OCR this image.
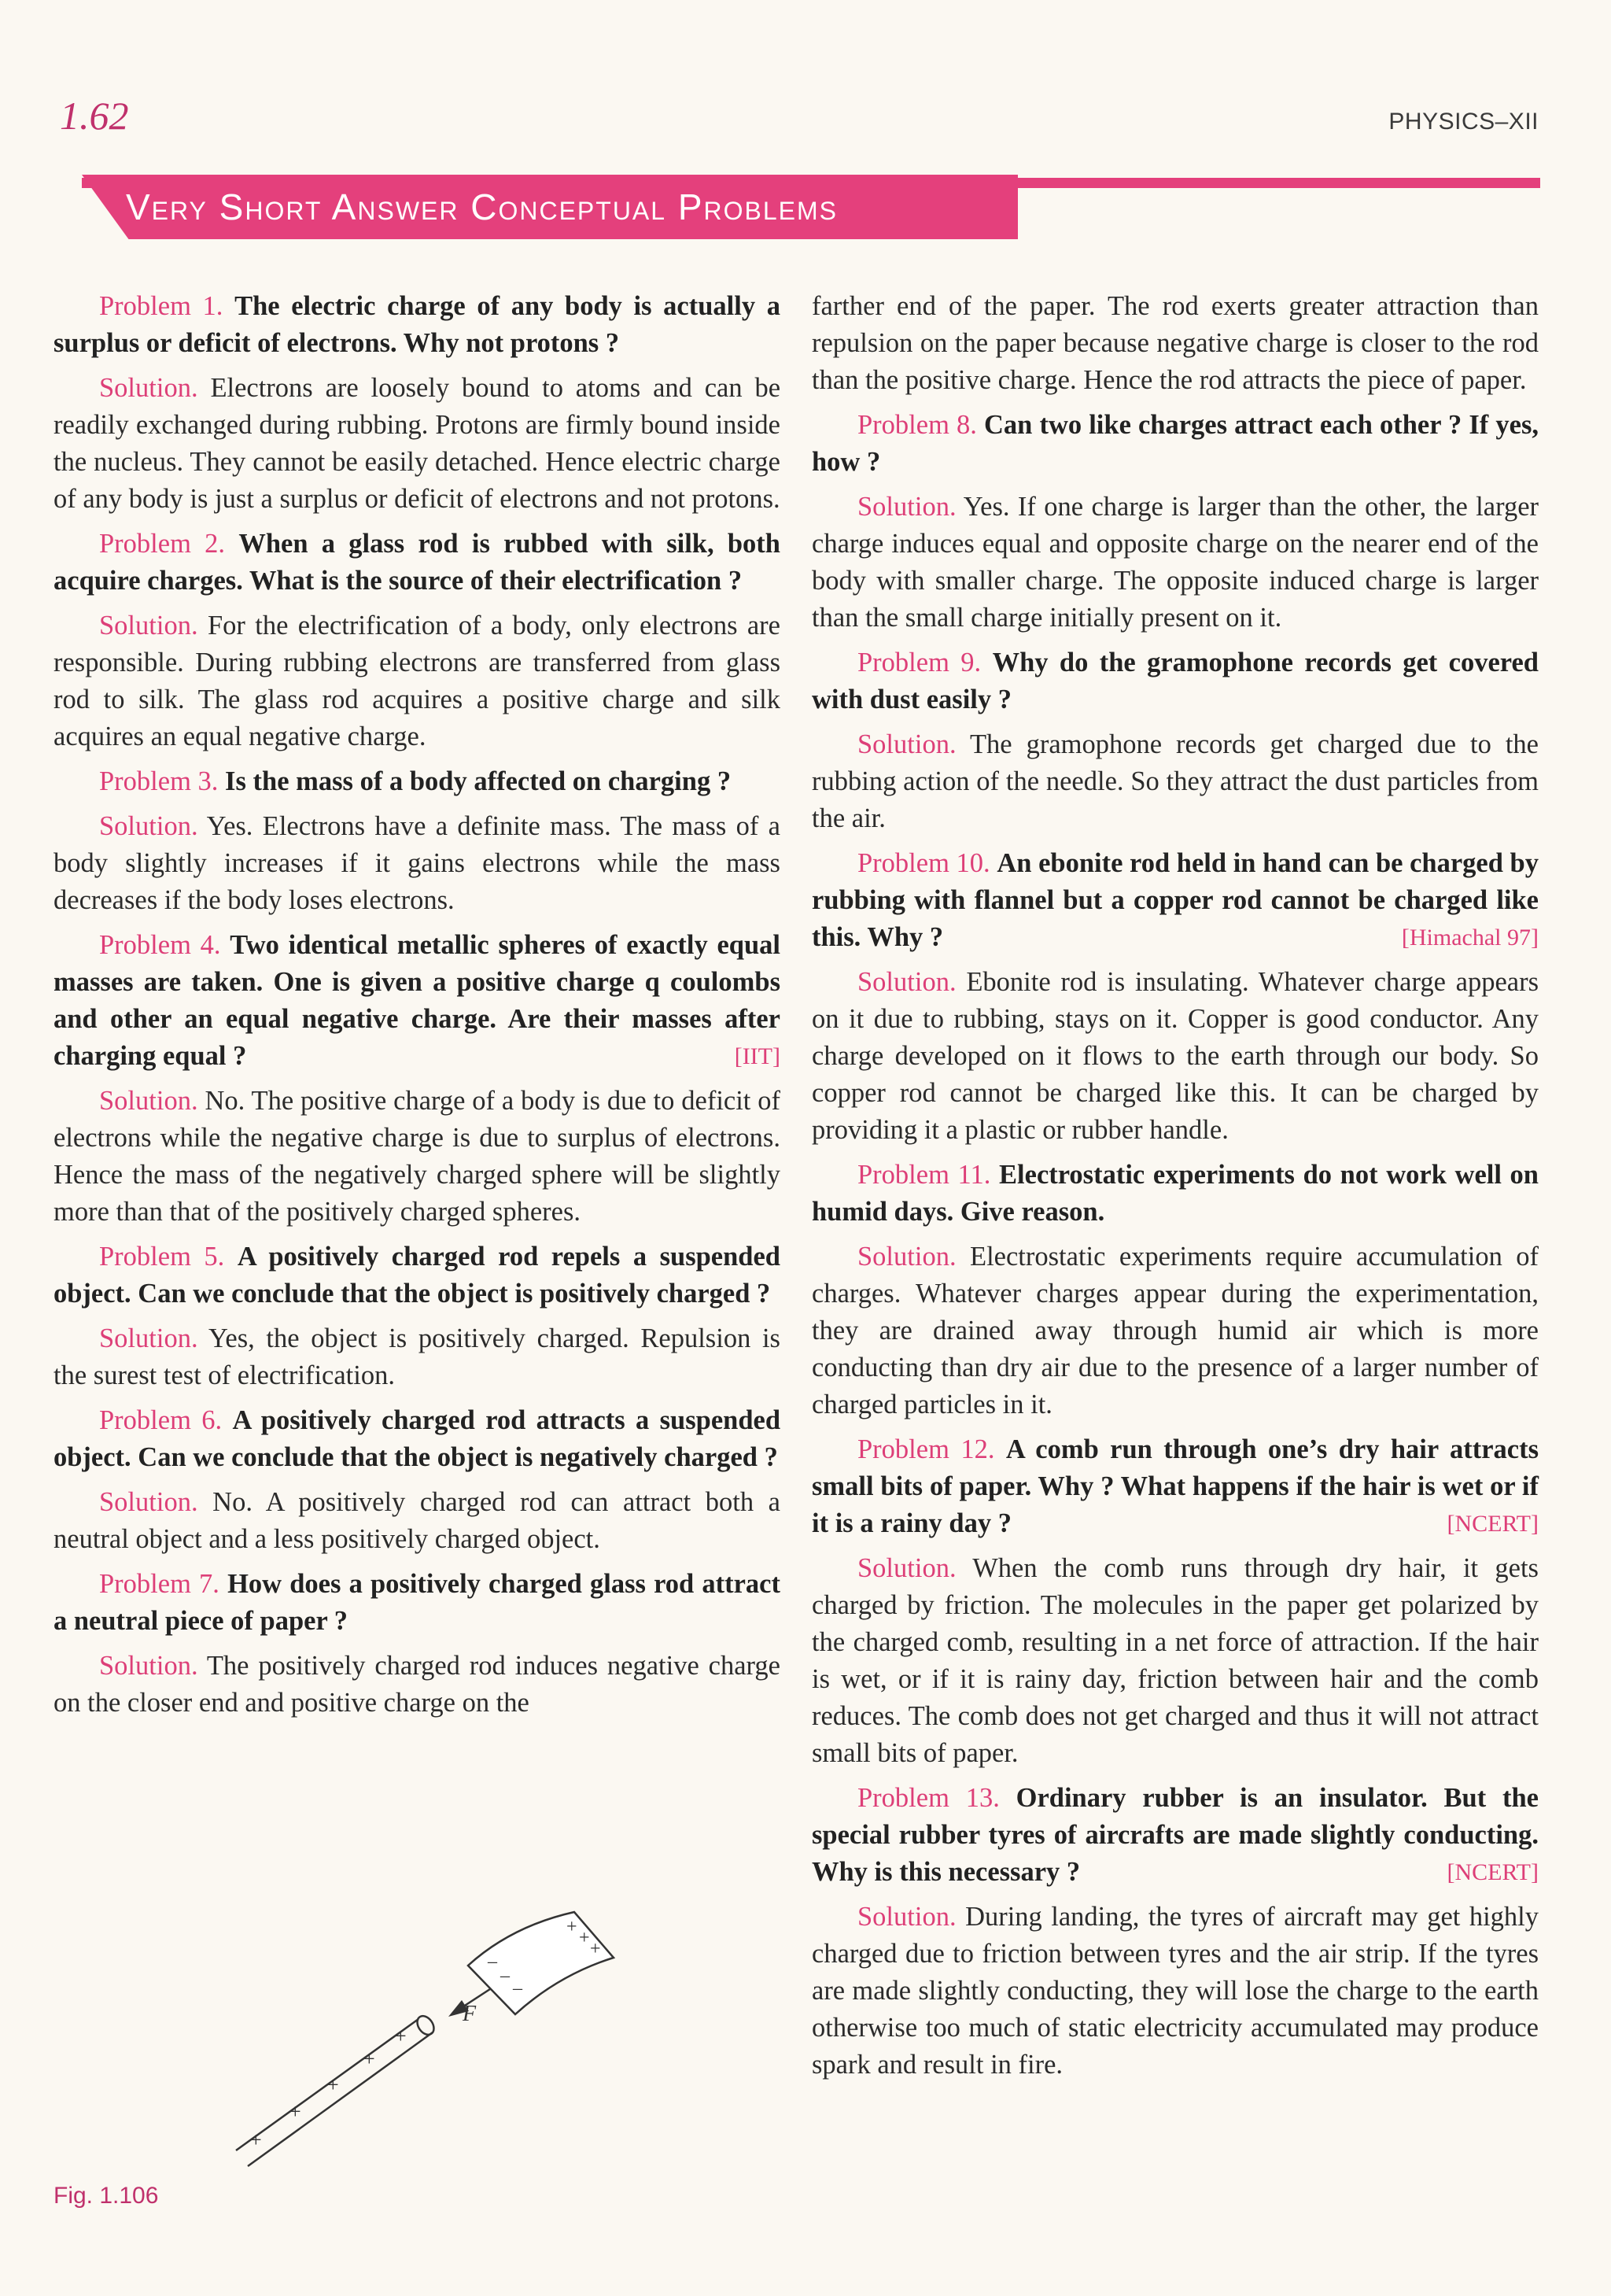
1.62	PHYSICS–XII
Very Short Answer Conceptual Problems

Problem 1. The electric charge of any body is actually a surplus or deficit of electrons. Why not protons ?

Solution. Electrons are loosely bound to atoms and can be readily exchanged during rubbing. Protons are firmly bound inside the nucleus. They cannot be easily detached. Hence electric charge of any body is just a surplus or deficit of electrons and not protons.

Problem 2. When a glass rod is rubbed with silk, both acquire charges. What is the source of their electrification ?

Solution. For the electrification of a body, only electrons are responsible. During rubbing electrons are transferred from glass rod to silk. The glass rod acquires a positive charge and silk acquires an equal negative charge.

Problem 3. Is the mass of a body affected on charging ?

Solution. Yes. Electrons have a definite mass. The mass of a body slightly increases if it gains electrons while the mass decreases if the body loses electrons.

Problem 4. Two identical metallic spheres of exactly equal masses are taken. One is given a positive charge q coulombs and other an equal negative charge. Are their masses after charging equal ?	[IIT]

Solution. No. The positive charge of a body is due to deficit of electrons while the negative charge is due to surplus of electrons. Hence the mass of the negatively charged sphere will be slightly more than that of the positively charged spheres.

Problem 5. A positively charged rod repels a suspended object. Can we conclude that the object is positively charged ?

Solution. Yes, the object is positively charged. Repulsion is the surest test of electrification.

Problem 6. A positively charged rod attracts a suspended object. Can we conclude that the object is negatively charged ?

Solution. No. A positively charged rod can attract both a neutral object and a less positively charged object.

Problem 7. How does a positively charged glass rod attract a neutral piece of paper ?

Solution. The positively charged rod induces negative charge on the closer end and positive charge on the

+
+
+
+
+
F
–
–
–
+
+
+
Fig. 1.106

farther end of the paper. The rod exerts greater attraction than repulsion on the paper because negative charge is closer to the rod than the positive charge. Hence the rod attracts the piece of paper.

Problem 8. Can two like charges attract each other ? If yes, how ?

Solution. Yes. If one charge is larger than the other, the larger charge induces equal and opposite charge on the nearer end of the body with smaller charge. The opposite induced charge is larger than the small charge initially present on it.

Problem 9. Why do the gramophone records get covered with dust easily ?

Solution. The gramophone records get charged due to the rubbing action of the needle. So they attract the dust particles from the air.

Problem 10. An ebonite rod held in hand can be charged by rubbing with flannel but a copper rod cannot be charged like this. Why ?	[Himachal 97]

Solution. Ebonite rod is insulating. Whatever charge appears on it due to rubbing, stays on it. Copper is good conductor. Any charge developed on it flows to the earth through our body. So copper rod cannot be charged like this. It can be charged by providing it a plastic or rubber handle.

Problem 11. Electrostatic experiments do not work well on humid days. Give reason.

Solution. Electrostatic experiments require accumulation of charges. Whatever charges appear during the experimentation, they are drained away through humid air which is more conducting than dry air due to the presence of a larger number of charged particles in it.

Problem 12. A comb run through one’s dry hair attracts small bits of paper. Why ? What happens if the hair is wet or if it is a rainy day ?	[NCERT]

Solution. When the comb runs through dry hair, it gets charged by friction. The molecules in the paper get polarized by the charged comb, resulting in a net force of attraction. If the hair is wet, or if it is rainy day, friction between hair and the comb reduces. The comb does not get charged and thus it will not attract small bits of paper.

Problem 13. Ordinary rubber is an insulator. But the special rubber tyres of aircrafts are made slightly conducting. Why is this necessary ?	[NCERT]

Solution. During landing, the tyres of aircraft may get highly charged due to friction between tyres and the air strip. If the tyres are made slightly conducting, they will lose the charge to the earth otherwise too much of static electricity accumulated may produce spark and result in fire.
